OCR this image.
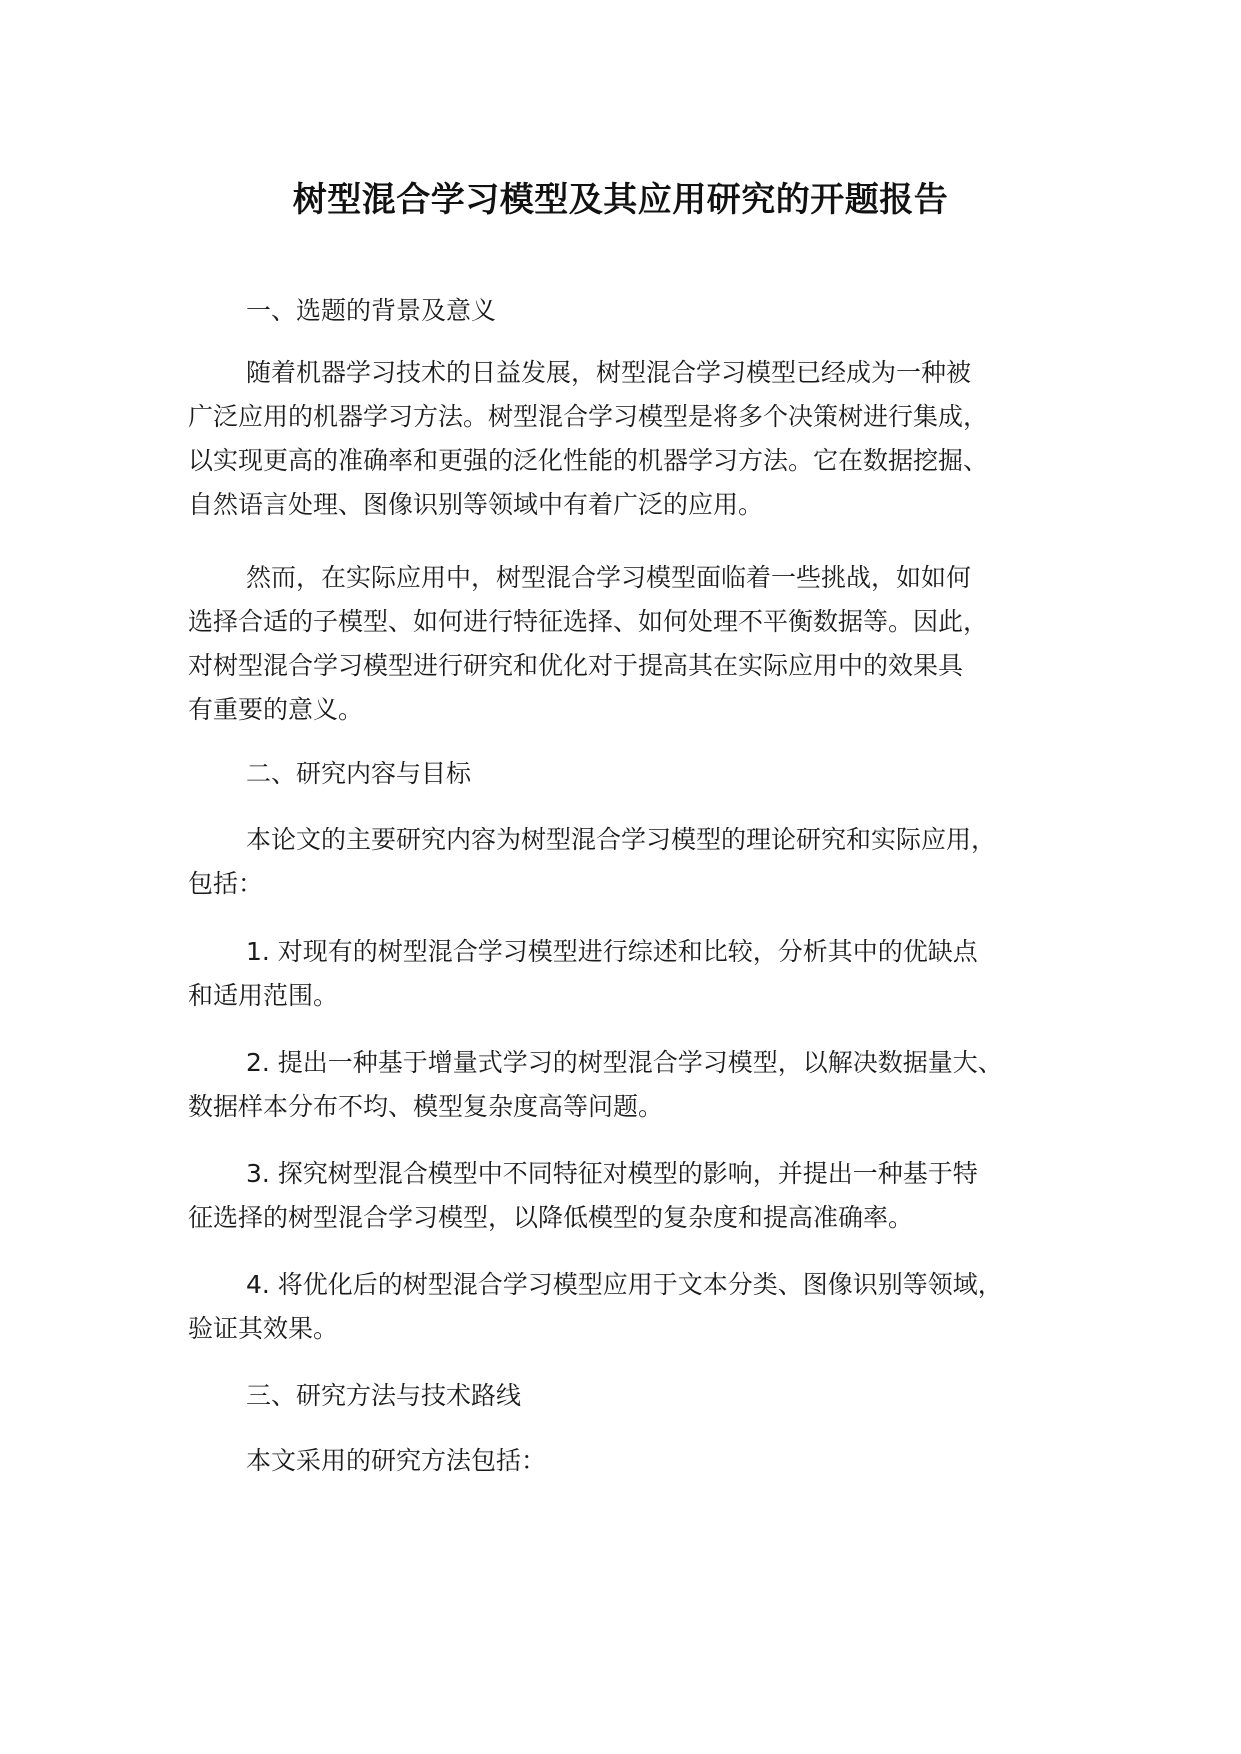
树型混合学习模型及其应用研究的开题报告
一、选题的背景及意义
随着机器学习技术的日益发展，树型混合学习模型已经成为一种被
广泛应用的机器学习方法。树型混合学习模型是将多个决策树进行集成，
以实现更高的准确率和更强的泛化性能的机器学习方法。它在数据挖掘、
自然语言处理、图像识别等领域中有着广泛的应用。
然而，在实际应用中，树型混合学习模型面临着一些挑战，如如何
选择合适的子模型、如何进行特征选择、如何处理不平衡数据等。因此，
对树型混合学习模型进行研究和优化对于提高其在实际应用中的效果具
有重要的意义。
二、研究内容与目标
本论文的主要研究内容为树型混合学习模型的理论研究和实际应用，
包括：
1. 对现有的树型混合学习模型进行综述和比较，分析其中的优缺点
和适用范围。
2. 提出一种基于增量式学习的树型混合学习模型，以解决数据量大、
数据样本分布不均、模型复杂度高等问题。
3. 探究树型混合模型中不同特征对模型的影响，并提出一种基于特
征选择的树型混合学习模型，以降低模型的复杂度和提高准确率。
4. 将优化后的树型混合学习模型应用于文本分类、图像识别等领域，
验证其效果。
三、研究方法与技术路线
本文采用的研究方法包括：
